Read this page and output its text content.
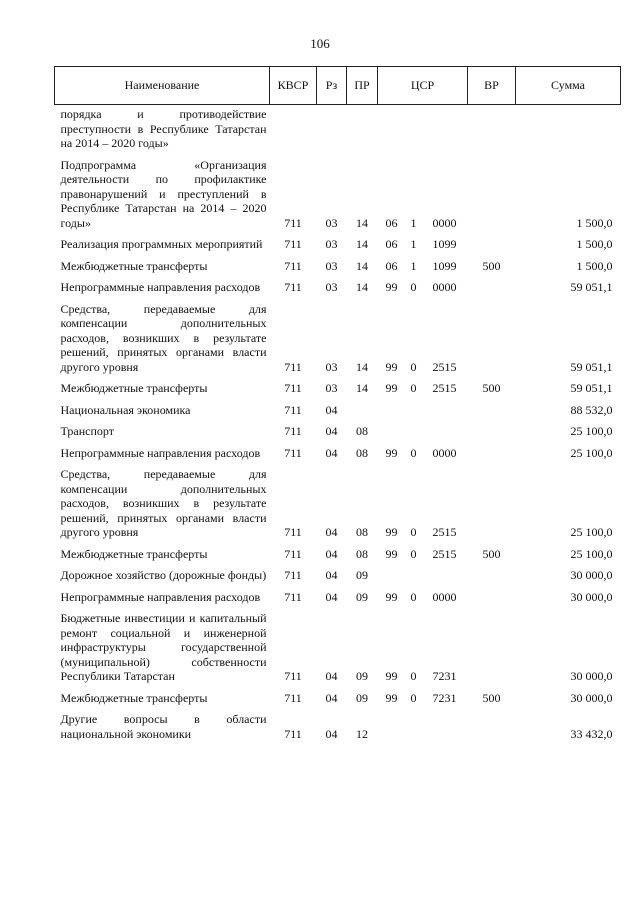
106
Наименование	КВСР	Рз	ПР	ЦСР			ВР	Сумма
порядка и противодействие преступности в Республике Татарстан на 2014 – 2020 годы»								
Подпрограмма «Организация деятельности по профилактике правонарушений и преступлений в Республике Татарстан на 2014 – 2020 годы»	711	03	14	06	1	0000		1 500,0
Реализация программных мероприятий	711	03	14	06	1	1099		1 500,0
Межбюджетные трансферты	711	03	14	06	1	1099	500	1 500,0
Непрограммные направления расходов	711	03	14	99	0	0000		59 051,1
Средства, передаваемые для компенсации дополнительных расходов, возникших в результате решений, принятых органами власти другого уровня	711	03	14	99	0	2515		59 051,1
Межбюджетные трансферты	711	03	14	99	0	2515	500	59 051,1
Национальная экономика	711	04						88 532,0
Транспорт	711	04	08					25 100,0
Непрограммные направления расходов	711	04	08	99	0	0000		25 100,0
Средства, передаваемые для компенсации дополнительных расходов, возникших в результате решений, принятых органами власти другого уровня	711	04	08	99	0	2515		25 100,0
Межбюджетные трансферты	711	04	08	99	0	2515	500	25 100,0
Дорожное хозяйство (дорожные фонды)	711	04	09					30 000,0
Непрограммные направления расходов	711	04	09	99	0	0000		30 000,0
Бюджетные инвестиции и капитальный ремонт социальной и инженерной инфраструктуры государственной (муниципальной) собственности Республики Татарстан	711	04	09	99	0	7231		30 000,0
Межбюджетные трансферты	711	04	09	99	0	7231	500	30 000,0
Другие вопросы в области национальной экономики	711	04	12					33 432,0
